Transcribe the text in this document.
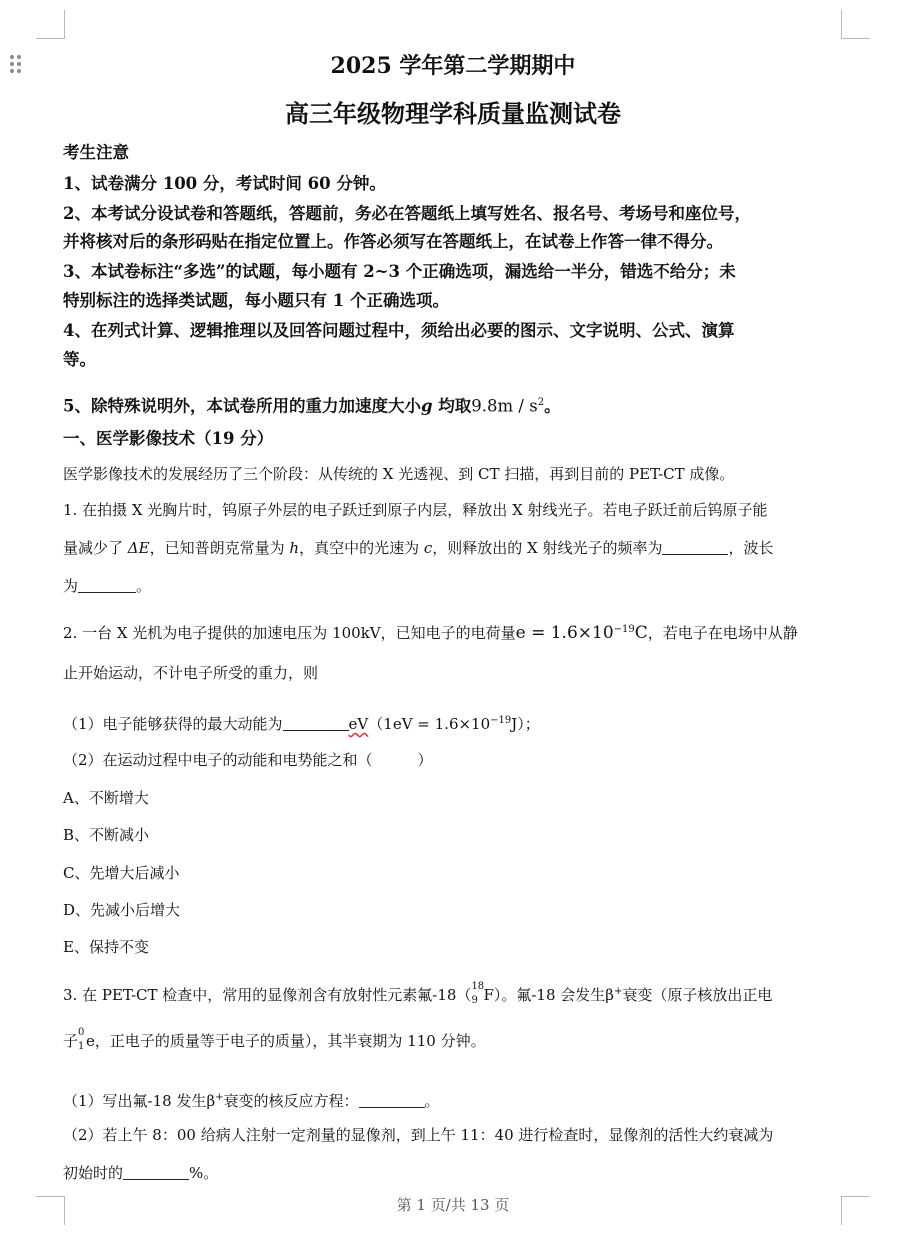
2025 学年第二学期期中
高三年级物理学科质量监测试卷
考生注意
1、试卷满分 100 分，考试时间 60 分钟。
2、本考试分设试卷和答题纸，答题前，务必在答题纸上填写姓名、报名号、考场号和座位号，
并将核对后的条形码贴在指定位置上。作答必须写在答题纸上，在试卷上作答一律不得分。
3、本试卷标注“多选”的试题，每小题有 2~3 个正确选项，漏选给一半分，错选不给分；未
特别标注的选择类试题，每小题只有 1 个正确选项。
4、在列式计算、逻辑推理以及回答问题过程中，须给出必要的图示、文字说明、公式、演算
等。
5、除特殊说明外，本试卷所用的重力加速度大小g 均取$9.8m / s^2$。
一、医学影像技术（19 分）
医学影像技术的发展经历了三个阶段：从传统的 X 光透视、到 CT 扫描，再到目前的 PET-CT 成像。
1. 在拍摄 X 光胸片时，钨原子外层的电子跃迁到原子内层，释放出 X 射线光子。若电子跃迁前后钨原子能
量减少了 ΔE，已知普朗克常量为 h，真空中的光速为 c，则释放出的 X 射线光子的频率为	，波长
为	。
2. 一台 X 光机为电子提供的加速电压为 100kV，已知电子的电荷量$e = 1.6\times 10^{-19}C$，若电子在电场中从静
止开始运动，不计电子所受的重力，则
（1）电子能够获得的最大动能为	$eV(1eV = 1.6\times 10^{-19}J)$；
（2）在运动过程中电子的动能和电势能之和（　　　）
A、不断增大
B、不断减小
C、先增大后减小
D、先减小后增大
E、保持不变
3. 在 PET-CT 检查中，常用的显像剂含有放射性元素氟-18（ 18
9 F）。氟-18 会发生β+衰变（原子核放出正电
子 0
1 e，正电子的质量等于电子的质量），其半衰期为 110 分钟。
（1）写出氟-18 发生β+衰变的核反应方程：	。
（2）若上午 8：00 给病人注射一定剂量的显像剂，到上午 11：40 进行检查时，显像剂的活性大约衰减为
初始时的	%。
第 1 页/共 13 页
